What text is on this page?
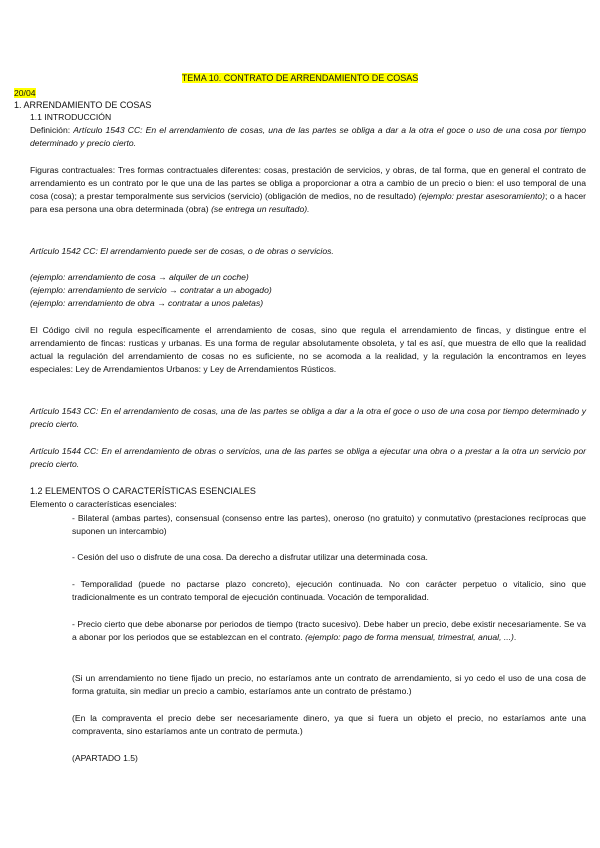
TEMA 10. CONTRATO DE ARRENDAMIENTO DE COSAS
20/04
1. ARRENDAMIENTO DE COSAS
1.1 INTRODUCCIÓN
Definición: Artículo 1543 CC: En el arrendamiento de cosas, una de las partes se obliga a dar a la otra el goce o uso de una cosa por tiempo determinado y precio cierto.
Figuras contractuales: Tres formas contractuales diferentes: cosas, prestación de servicios, y obras, de tal forma, que en general el contrato de arrendamiento es un contrato por le que una de las partes se obliga a proporcionar a otra a cambio de un precio o bien: el uso temporal de una cosa (cosa); a prestar temporalmente sus servicios (servicio) (obligación de medios, no de resultado) (ejemplo: prestar asesoramiento); o a hacer para esa persona una obra determinada (obra) (se entrega un resultado).
Artículo 1542 CC: El arrendamiento puede ser de cosas, o de obras o servicios.
(ejemplo: arrendamiento de cosa → alquiler de un coche)
(ejemplo: arrendamiento de servicio → contratar a un abogado)
(ejemplo: arrendamiento de obra → contratar a unos paletas)
El Código civil no regula específicamente el arrendamiento de cosas, sino que regula el arrendamiento de fincas, y distingue entre el arrendamiento de fincas: rusticas y urbanas. Es una forma de regular absolutamente obsoleta, y tal es así, que muestra de ello que la realidad actual la regulación del arrendamiento de cosas no es suficiente, no se acomoda a la realidad, y la regulación la encontramos en leyes especiales: Ley de Arrendamientos Urbanos: y Ley de Arrendamientos Rústicos.
Artículo 1543 CC: En el arrendamiento de cosas, una de las partes se obliga a dar a la otra el goce o uso de una cosa por tiempo determinado y precio cierto.
Artículo 1544 CC: En el arrendamiento de obras o servicios, una de las partes se obliga a ejecutar una obra o a prestar a la otra un servicio por precio cierto.
1.2 ELEMENTOS O CARACTERÍSTICAS ESENCIALES
Elemento o características esenciales:
- Bilateral (ambas partes), consensual (consenso entre las partes), oneroso (no gratuito) y conmutativo (prestaciones recíprocas que suponen un intercambio)
- Cesión del uso o disfrute de una cosa. Da derecho a disfrutar utilizar una determinada cosa.
- Temporalidad (puede no pactarse plazo concreto), ejecución continuada. No con carácter perpetuo o vitalicio, sino que tradicionalmente es un contrato temporal de ejecución continuada. Vocación de temporalidad.
- Precio cierto que debe abonarse por periodos de tiempo (tracto sucesivo). Debe haber un precio, debe existir necesariamente. Se va a abonar por los periodos que se establezcan en el contrato. (ejemplo: pago de forma mensual, trimestral, anual, ...).
(Si un arrendamiento no tiene fijado un precio, no estaríamos ante un contrato de arrendamiento, si yo cedo el uso de una cosa de forma gratuita, sin mediar un precio a cambio, estaríamos ante un contrato de préstamo.)
(En la compraventa el precio debe ser necesariamente dinero, ya que si fuera un objeto el precio, no estaríamos ante una compraventa, sino estaríamos ante un contrato de permuta.)
(APARTADO 1.5)
